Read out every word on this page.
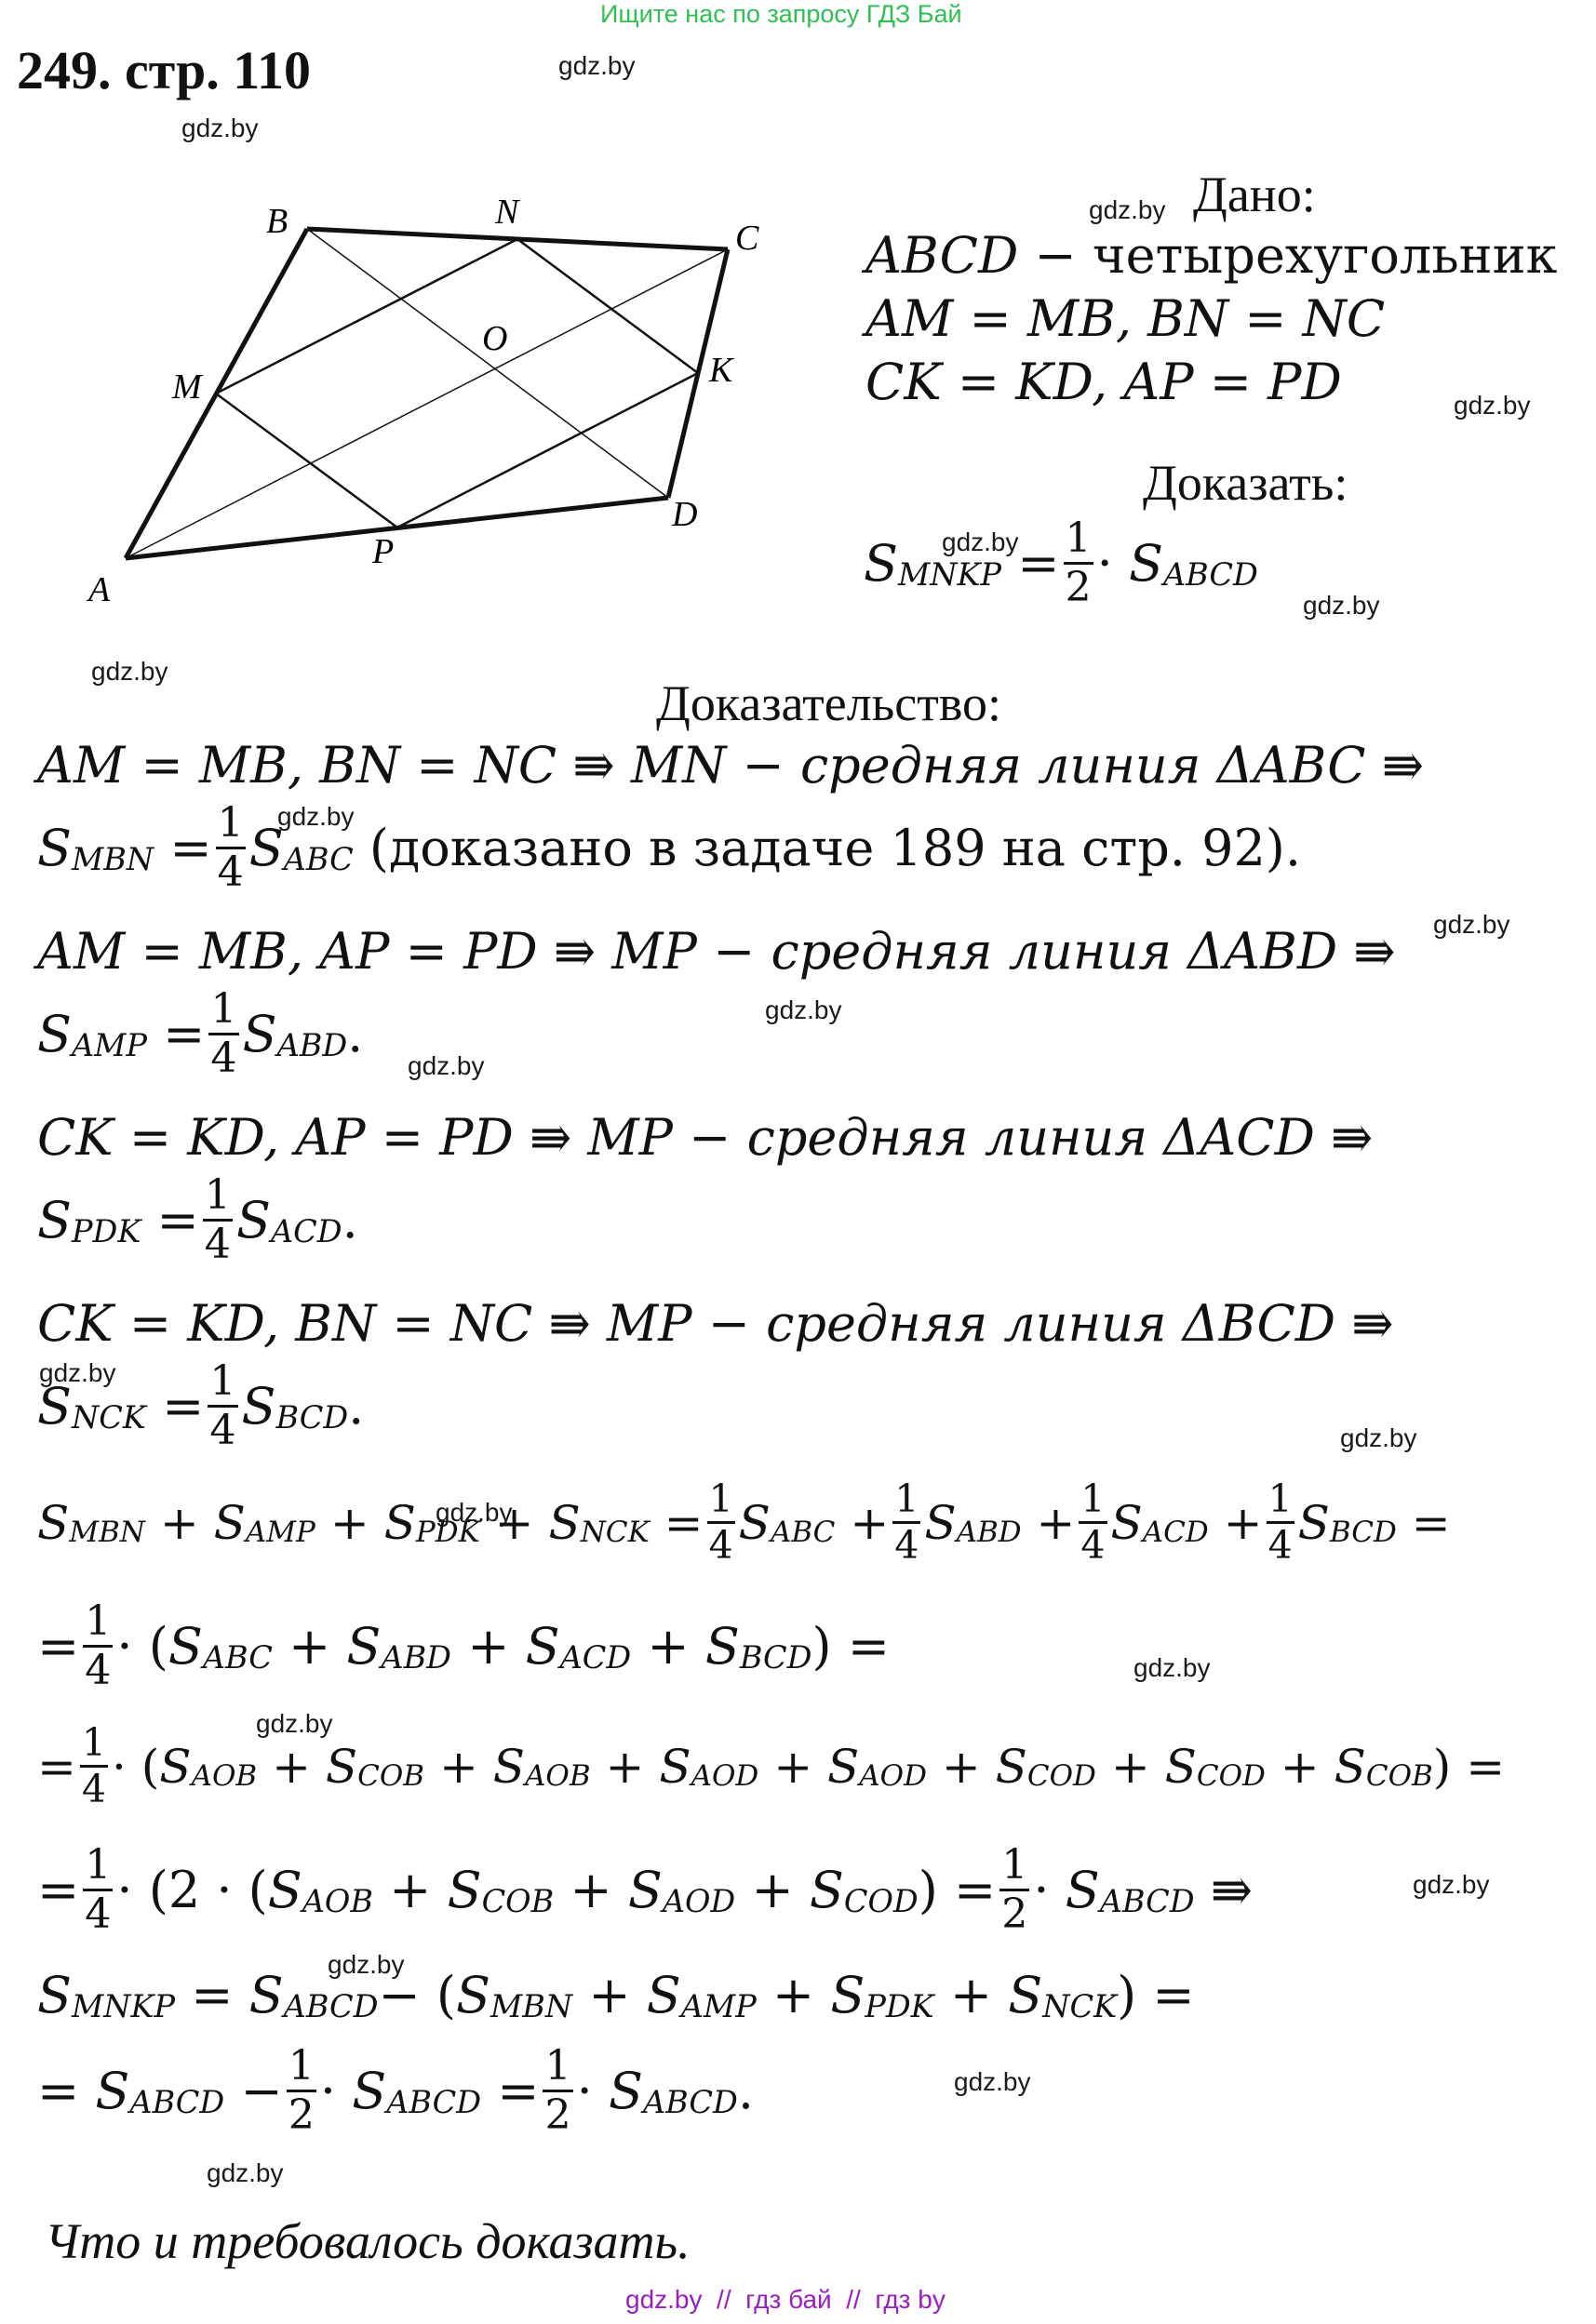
Ищите нас по запросу ГДЗ Бай
249. стр. 110	gdz.by
gdz.by
gdz.by
gdz.by
gdz.by
gdz.by
gdz.by
gdz.by
gdz.by
gdz.by
gdz.by
gdz.by
gdz.by
gdz.by
gdz.by
gdz.by
gdz.by
gdz.by
gdz.by
gdz.by
A
B	C
D
M
N
K
P
O
Дано:
ABCD
− четырехугольник
AM = MB, BN = NC
CK = KD, AP = PD
Доказать:
S MNKP
= $\frac{1}{2}$ ·
S ABCD
Доказательство:
AM = MB, BN = NC ⇛ MN − средняя линия ΔABC ⇛
S MBN
= $\frac{1}{4}$ S ABC
(доказано в задаче 189 на стр. 92).
AM = MB, AP = PD ⇛ MP − средняя линия ΔABD ⇛
S AMP
= $\frac{1}{4}$ S ABD .
CK = KD, AP = PD ⇛ MP − средняя линия ΔACD ⇛
S PDK
= $\frac{1}{4}$ S ACD .
CK = KD, BN = NC ⇛ MP − средняя линия ΔBCD ⇛
S NCK
= $\frac{1}{4}$ S BCD .
S MBN
+
S AMP
+
S PDK
+
S NCK
= $\frac{1}{4}$ S ABC
+ $\frac{1}{4}$ S ABD
+ $\frac{1}{4}$ S ACD
+ $\frac{1}{4}$ S BCD
=
= $\frac{1}{4}$ · ( S ABC
+
S ABD
+
S ACD
+
S BCD ) =
= $\frac{1}{4}$ · ( S AOB
+
S COB
+
S AOB
+
S AOD
+
S AOD
+
S COD
+
S COD
+
S COB ) =
= $\frac{1}{4} \cdot (2$ · ( S AOB
+
S COB
+
S AOD
+
S COD ) = $\frac{1}{2}$ ·
S ABCD
⇛
S MNKP
=
S ABCD − ( S MBN
+
S AMP
+
S PDK
+
S NCK ) =
=
S ABCD
− $\frac{1}{2}$ ·
S ABCD
= $\frac{1}{2}$ ·
S ABCD .
Что и требовалось доказать.
gdz.by  //  гдз бай  //  гдз by
